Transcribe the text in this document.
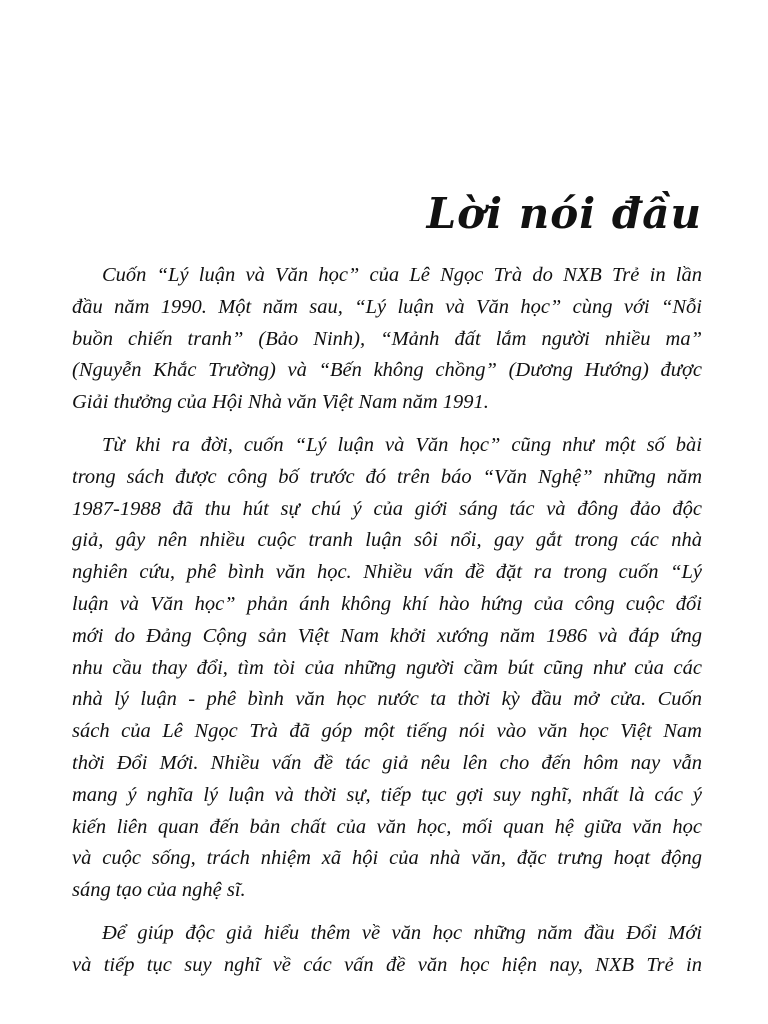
Lời nói đầu

Cuốn “Lý luận và Văn học” của Lê Ngọc Trà do NXB Trẻ in lần
đầu năm 1990. Một năm sau, “Lý luận và Văn học” cùng với “Nỗi
buồn chiến tranh” (Bảo Ninh), “Mảnh đất lắm người nhiều ma”
(Nguyễn Khắc Trường) và “Bến không chồng” (Dương Hướng) được
Giải thưởng của Hội Nhà văn Việt Nam năm 1991.

Từ khi ra đời, cuốn “Lý luận và Văn học” cũng như một số bài
trong sách được công bố trước đó trên báo “Văn Nghệ” những năm
1987-1988 đã thu hút sự chú ý của giới sáng tác và đông đảo độc
giả, gây nên nhiều cuộc tranh luận sôi nổi, gay gắt trong các nhà
nghiên cứu, phê bình văn học. Nhiều vấn đề đặt ra trong cuốn “Lý
luận và Văn học” phản ánh không khí hào hứng của công cuộc đổi
mới do Đảng Cộng sản Việt Nam khởi xướng năm 1986 và đáp ứng
nhu cầu thay đổi, tìm tòi của những người cầm bút cũng như của các
nhà lý luận - phê bình văn học nước ta thời kỳ đầu mở cửa. Cuốn
sách của Lê Ngọc Trà đã góp một tiếng nói vào văn học Việt Nam
thời Đổi Mới. Nhiều vấn đề tác giả nêu lên cho đến hôm nay vẫn
mang ý nghĩa lý luận và thời sự, tiếp tục gợi suy nghĩ, nhất là các ý
kiến liên quan đến bản chất của văn học, mối quan hệ giữa văn học
và cuộc sống, trách nhiệm xã hội của nhà văn, đặc trưng hoạt động
sáng tạo của nghệ sĩ.

Để giúp độc giả hiểu thêm về văn học những năm đầu Đổi Mới
và tiếp tục suy nghĩ về các vấn đề văn học hiện nay, NXB Trẻ in
